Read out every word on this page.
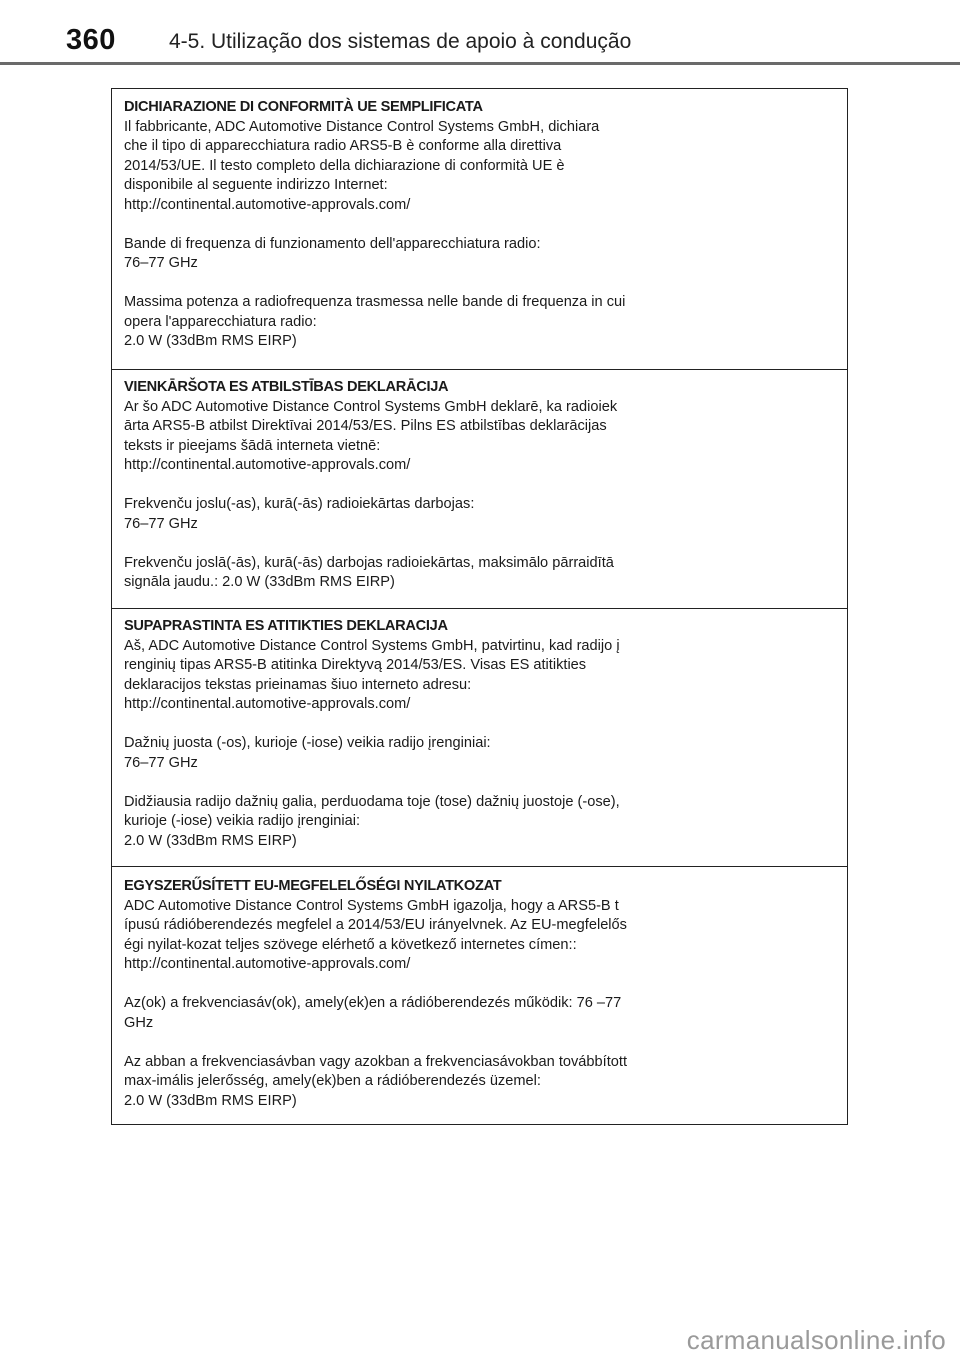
360	4-5. Utilização dos sistemas de apoio à condução
DICHIARAZIONE DI CONFORMITÀ UE SEMPLIFICATA
Il fabbricante, ADC Automotive Distance Control Systems GmbH, dichiara
che il tipo di apparecchiatura radio ARS5-B è conforme alla direttiva
2014/53/UE. Il testo completo della dichiarazione di conformità UE è
disponibile al seguente indirizzo Internet:
http://continental.automotive-approvals.com/
Bande di frequenza di funzionamento dell'apparecchiatura radio:
76–77 GHz
Massima potenza a radiofrequenza trasmessa nelle bande di frequenza in cui
opera l'apparecchiatura radio:
2.0 W (33dBm RMS EIRP)
VIENKĀRŠOTA ES ATBILSTĪBAS DEKLARĀCIJA
Ar šo ADC Automotive Distance Control Systems GmbH deklarē, ka radioiek
ārta ARS5-B atbilst Direktīvai 2014/53/ES. Pilns ES atbilstības deklarācijas
teksts ir pieejams šādā interneta vietnē:
http://continental.automotive-approvals.com/
Frekvenču joslu(-as), kurā(-ās) radioiekārtas darbojas:
76–77 GHz
Frekvenču joslā(-ās), kurā(-ās) darbojas radioiekārtas, maksimālo pārraidītā
signāla jaudu.: 2.0 W (33dBm RMS EIRP)
SUPAPRASTINTA ES ATITIKTIES DEKLARACIJA
Aš, ADC Automotive Distance Control Systems GmbH, patvirtinu, kad radijo į
renginių tipas ARS5-B atitinka Direktyvą 2014/53/ES. Visas ES atitikties
deklaracijos tekstas prieinamas šiuo interneto adresu:
http://continental.automotive-approvals.com/
Dažnių juosta (-os), kurioje (-iose) veikia radijo įrenginiai:
76–77 GHz
Didžiausia radijo dažnių galia, perduodama toje (tose) dažnių juostoje (-ose),
kurioje (-iose) veikia radijo įrenginiai:
2.0 W (33dBm RMS EIRP)
EGYSZERŰSÍTETT EU-MEGFELELŐSÉGI NYILATKOZAT
ADC Automotive Distance Control Systems GmbH igazolja, hogy a ARS5-B t
ípusú rádióberendezés megfelel a 2014/53/EU irányelvnek. Az EU-megfelelős
égi nyilat-kozat teljes szövege elérhető a következő internetes címen::
http://continental.automotive-approvals.com/
Az(ok) a frekvenciasáv(ok), amely(ek)en a rádióberendezés működik: 76 –77
GHz
Az abban a frekvenciasávban vagy azokban a frekvenciasávokban továbbított
max-imális jelerősség, amely(ek)ben a rádióberendezés üzemel:
2.0 W (33dBm RMS EIRP)
carmanualsonline.info
